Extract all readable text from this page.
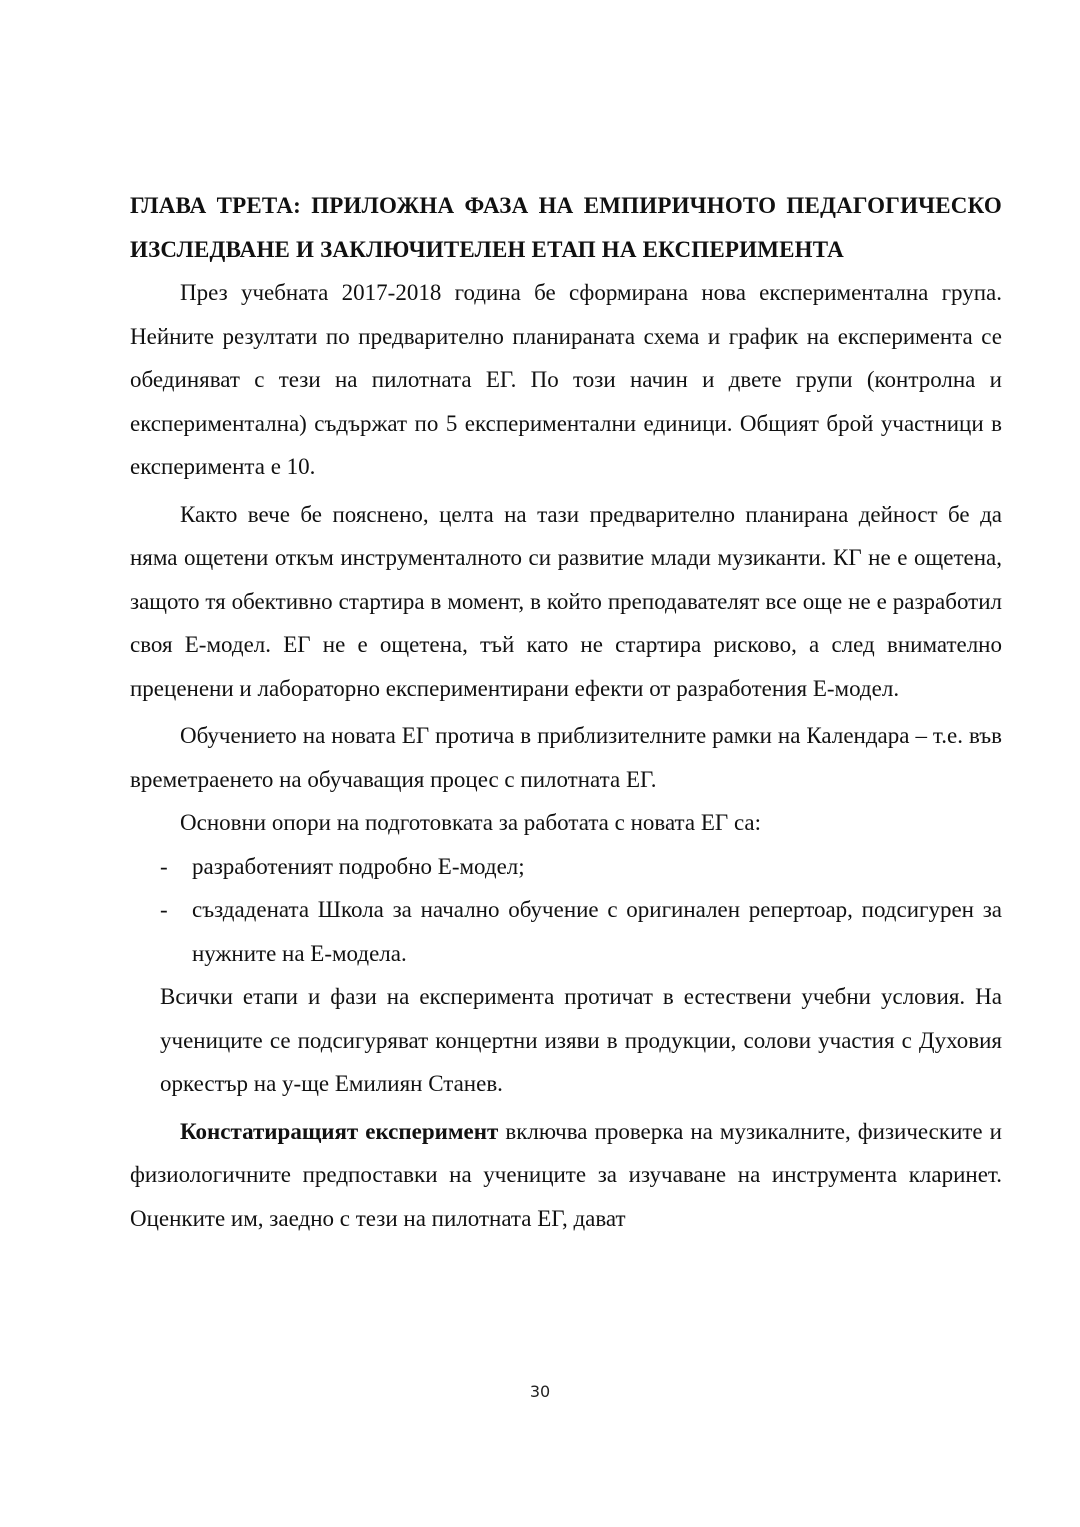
ГЛАВА ТРЕТА: ПРИЛОЖНА ФАЗА НА ЕМПИРИЧНОТО ПЕДАГОГИЧЕСКО ИЗСЛЕДВАНЕ И ЗАКЛЮЧИТЕЛЕН ЕТАП НА ЕКСПЕРИМЕНТА

През учебната 2017-2018 година бе сформирана нова експериментална група. Нейните резултати по предварително планираната схема и график на експеримента се обединяват с тези на пилотната ЕГ. По този начин и двете групи (контролна и експериментална) съдържат по 5 експериментални единици. Общият брой участници в експеримента е 10.

Както вече бе пояснено, целта на тази предварително планирана дейност бе да няма ощетени откъм инструменталното си развитие млади музиканти. КГ не е ощетена, защото тя обективно стартира в момент, в който преподавателят все още не е разработил своя Е-модел. ЕГ не е ощетена, тъй като не стартира рисково, а след внимателно преценени и лабораторно експериментирани ефекти от разработения Е-модел.

Обучението на новата ЕГ протича в приблизителните рамки на Календара – т.е. във времетраенето на обучаващия процес с пилотната ЕГ.

Основни опори на подготовката за работата с новата ЕГ са:

- разработеният подробно Е-модел;
- създадената Школа за начално обучение с оригинален репертоар, подсигурен за нужните на Е-модела.

Всички етапи и фази на експеримента протичат в естествени учебни условия. На учениците се подсигуряват концертни изяви в продукции, солови участия с Духовия оркестър на у-ще Емилиян Станев.

Констатиращият експеримент включва проверка на музикалните, физическите и физиологичните предпоставки на учениците за изучаване на инструмента кларинет. Оценките им, заедно с тези на пилотната ЕГ, дават

30
